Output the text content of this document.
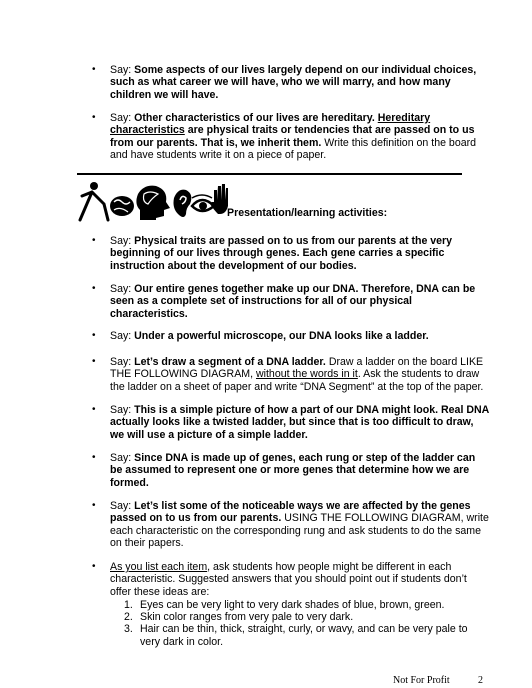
• Say: Some aspects of our lives largely depend on our individual choices, such as what career we will have, who we will marry, and how many children we will have.
• Say: Other characteristics of our lives are hereditary. Hereditary characteristics are physical traits or tendencies that are passed on to us from our parents. That is, we inherit them. Write this definition on the board and have students write it on a piece of paper.
Presentation/learning activities:
• Say: Physical traits are passed on to us from our parents at the very beginning of our lives through genes. Each gene carries a specific instruction about the development of our bodies.
• Say: Our entire genes together make up our DNA. Therefore, DNA can be seen as a complete set of instructions for all of our physical characteristics.
• Say: Under a powerful microscope, our DNA looks like a ladder.
• Say: Let’s draw a segment of a DNA ladder. Draw a ladder on the board LIKE THE FOLLOWING DIAGRAM, without the words in it. Ask the students to draw the ladder on a sheet of paper and write “DNA Segment” at the top of the paper.
• Say: This is a simple picture of how a part of our DNA might look. Real DNA actually looks like a twisted ladder, but since that is too difficult to draw, we will use a picture of a simple ladder.
• Say: Since DNA is made up of genes, each rung or step of the ladder can be assumed to represent one or more genes that determine how we are formed.
• Say: Let’s list some of the noticeable ways we are affected by the genes passed on to us from our parents. USING THE FOLLOWING DIAGRAM, write each characteristic on the corresponding rung and ask students to do the same on their papers.
• As you list each item, ask students how people might be different in each characteristic. Suggested answers that you should point out if students don’t offer these ideas are:
1. Eyes can be very light to very dark shades of blue, brown, green.
2. Skin color ranges from very pale to very dark.
3. Hair can be thin, thick, straight, curly, or wavy, and can be very pale to very dark in color.
Not For Profit	2
